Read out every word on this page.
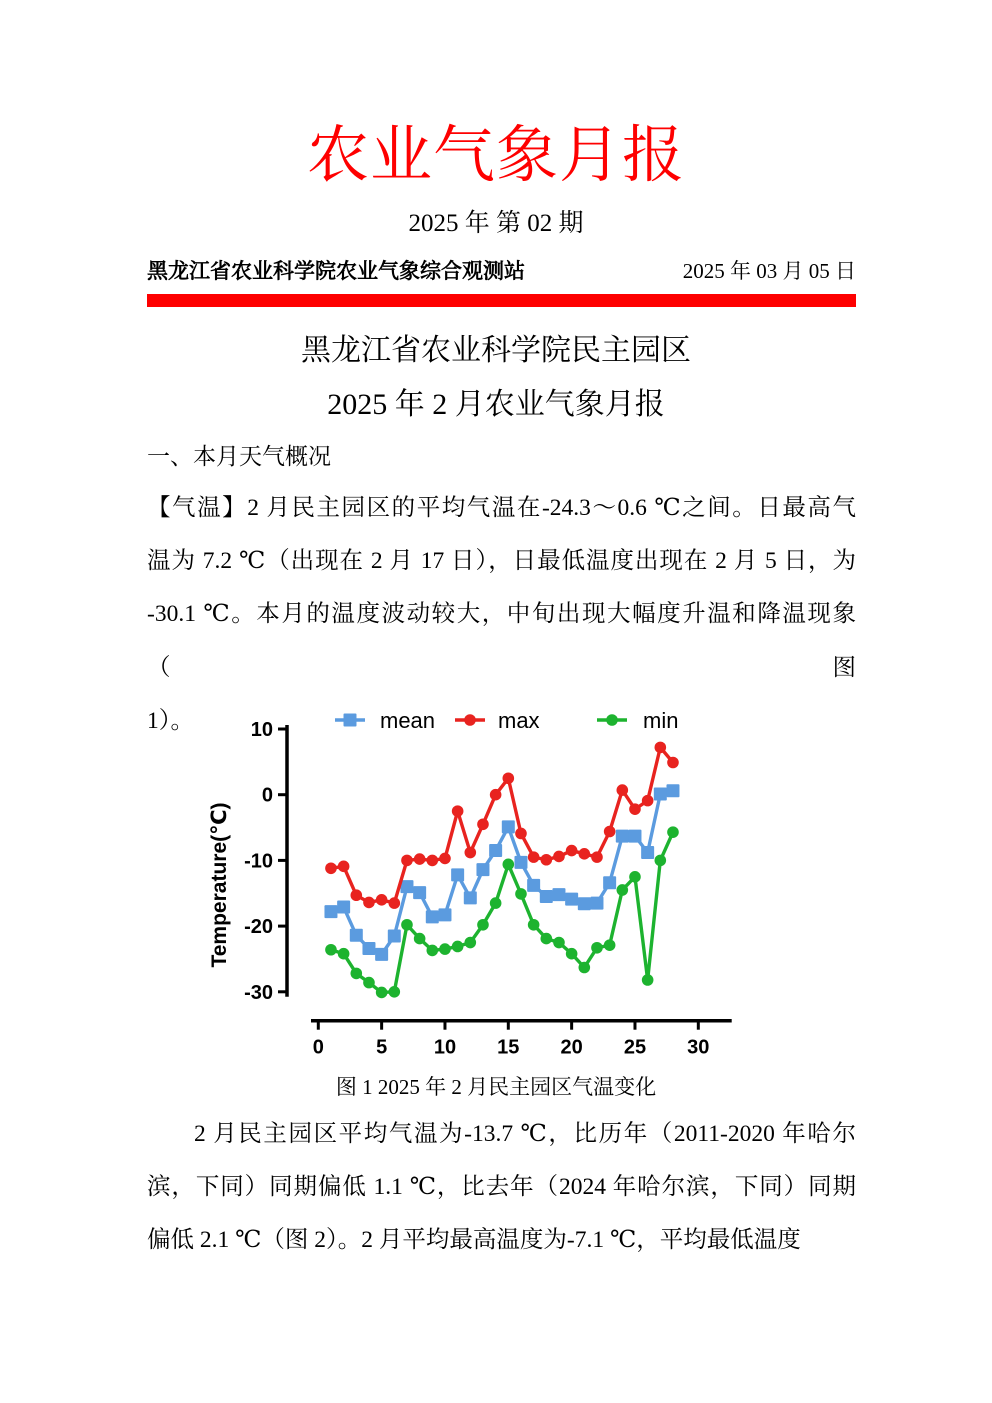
农业气象月报
2025 年 第 02 期
黑龙江省农业科学院农业气象综合观测站	2025 年 03 月 05 日
黑龙江省农业科学院民主园区
2025 年 2 月农业气象月报
一、本月天气概况
【气温】2 月民主园区的平均气温在-24.3～0.6 ℃之间。日最高气
温为 7.2 ℃（出现在 2 月 17 日），日最低温度出现在 2 月 5 日，为
-30.1 ℃。本月的温度波动较大，中旬出现大幅度升温和降温现象（图
1）。	10
0
-10
-20
-30
Temperature(℃)
0	5 10 15 20 25 30
mean	max	min
图 1 2025 年 2 月民主园区气温变化
2 月民主园区平均气温为-13.7 ℃，比历年（2011-2020 年哈尔
滨，下同）同期偏低 1.1 ℃，比去年（2024 年哈尔滨，下同）同期
偏低 2.1 ℃（图 2）。2 月平均最高温度为-7.1 ℃，平均最低温度
